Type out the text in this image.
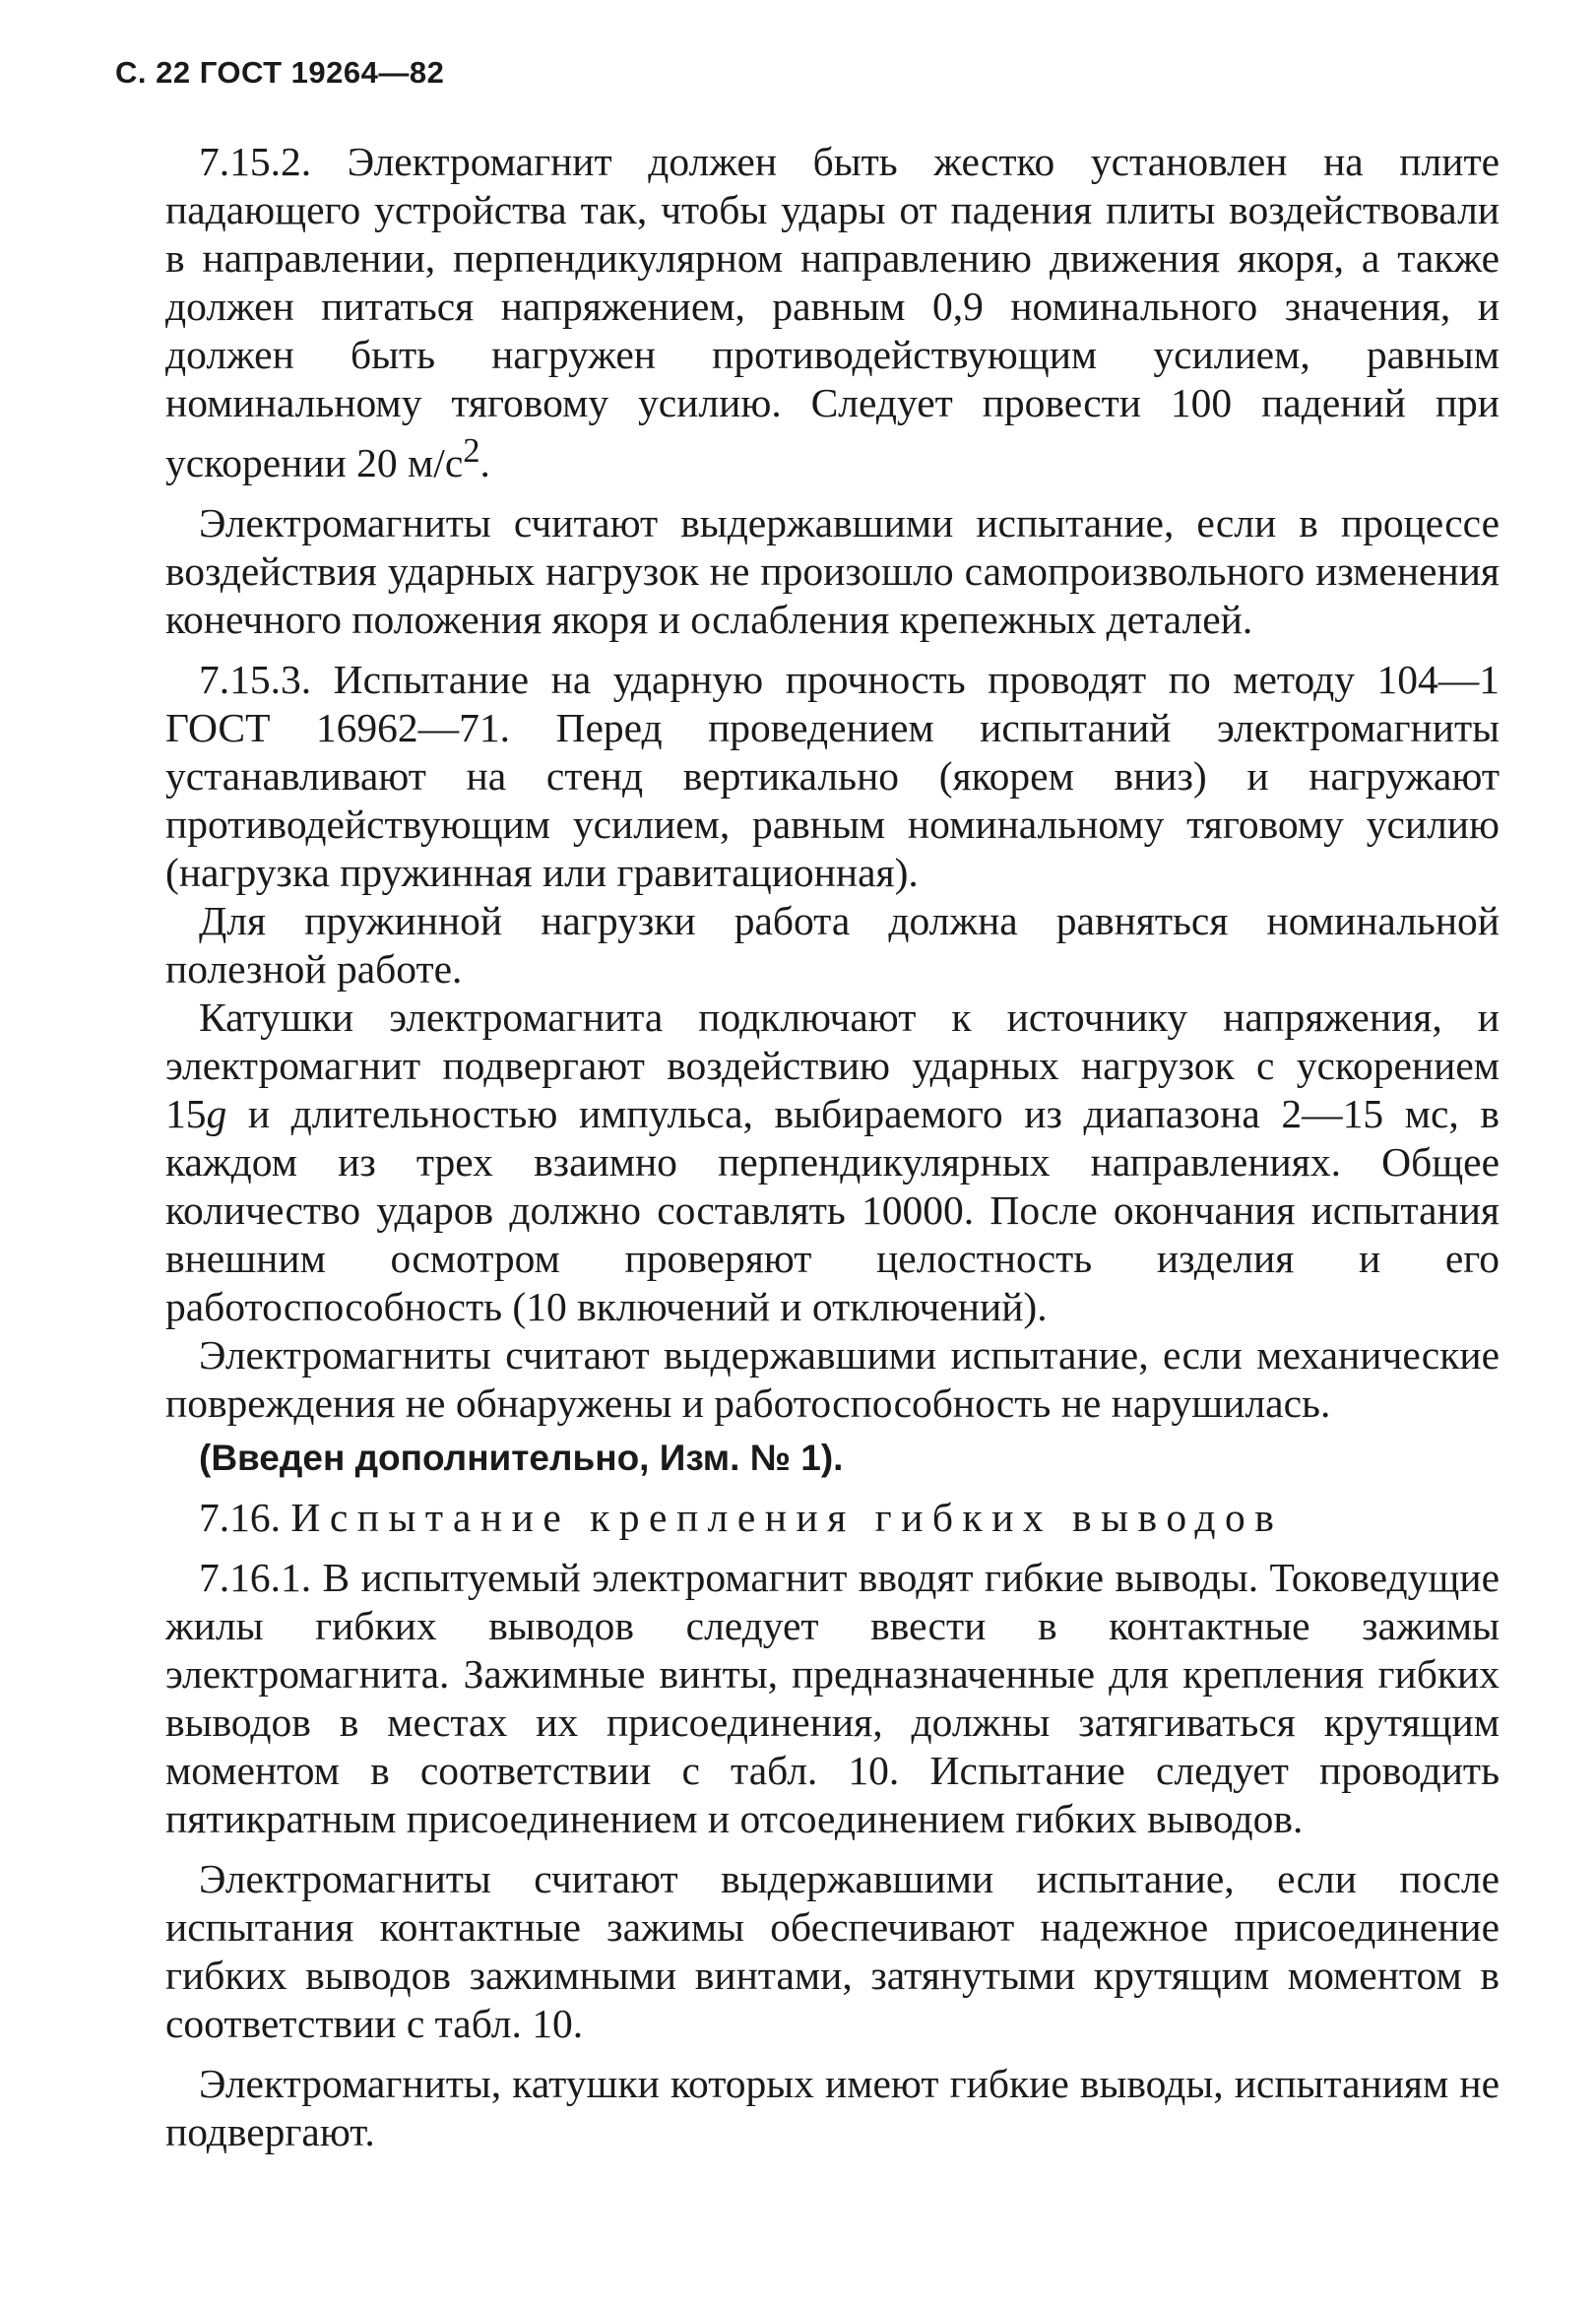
С. 22 ГОСТ 19264—82

7.15.2. Электромагнит должен быть жестко установлен на плите падающего устройства так, чтобы удары от падения плиты воздействовали в направлении, перпендикулярном направлению движения якоря, а также должен питаться напряжением, равным 0,9 номинального значения, и должен быть нагружен противодействующим усилием, равным номинальному тяговому усилию. Следует провести 100 падений при ускорении 20 $м/с^2$.

Электромагниты считают выдержавшими испытание, если в процессе воздействия ударных нагрузок не произошло самопроизвольного изменения конечного положения якоря и ослабления крепежных деталей.

7.15.3. Испытание на ударную прочность проводят по методу 104—1 ГОСТ 16962—71. Перед проведением испытаний электромагниты устанавливают на стенд вертикально (якорем вниз) и нагружают противодействующим усилием, равным номинальному тяговому усилию (нагрузка пружинная или гравитационная).

Для пружинной нагрузки работа должна равняться номинальной полезной работе.

Катушки электромагнита подключают к источнику напряжения, и электромагнит подвергают воздействию ударных нагрузок с ускорением 15g и длительностью импульса, выбираемого из диапазона 2—15 мс, в каждом из трех взаимно перпендикулярных направлениях. Общее количество ударов должно составлять 10000. После окончания испытания внешним осмотром проверяют целостность изделия и его работоспособность (10 включений и отключений).

Электромагниты считают выдержавшими испытание, если механические повреждения не обнаружены и работоспособность не нарушилась.

(Введен дополнительно, Изм. № 1).

7.16. Испытание крепления гибких выводов

7.16.1. В испытуемый электромагнит вводят гибкие выводы. Токоведущие жилы гибких выводов следует ввести в контактные зажимы электромагнита. Зажимные винты, предназначенные для крепления гибких выводов в местах их присоединения, должны затягиваться крутящим моментом в соответствии с табл. 10. Испытание следует проводить пятикратным присоединением и отсоединением гибких выводов.

Электромагниты считают выдержавшими испытание, если после испытания контактные зажимы обеспечивают надежное присоединение гибких выводов зажимными винтами, затянутыми крутящим моментом в соответствии с табл. 10.

Электромагниты, катушки которых имеют гибкие выводы, испытаниям не подвергают.
